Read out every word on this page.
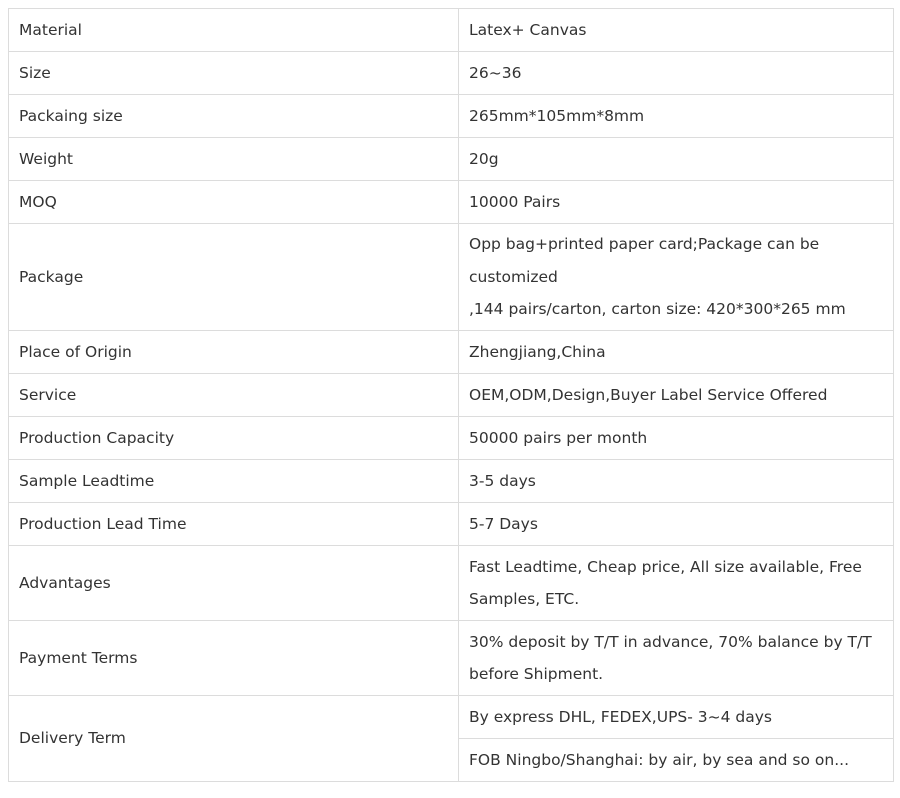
Material	Latex+ Canvas
Size	26~36
Packaing size	265mm*105mm*8mm
Weight	20g
MOQ	10000 Pairs
Package	Opp bag+printed paper card;Package can be
customized
,144 pairs/carton, carton size: 420*300*265 mm

Place of Origin	Zhengjiang,China
Service	OEM,ODM,Design,Buyer Label Service Offered
Production Capacity	50000 pairs per month
Sample Leadtime	3-5 days
Production Lead Time	5-7 Days
Advantages	Fast Leadtime, Cheap price, All size available, Free
Samples, ETC.

Payment Terms	30% deposit by T/T in advance, 70% balance by T/T
before Shipment.

Delivery Term	By express DHL, FEDEX,UPS- 3~4 days
	FOB Ningbo/Shanghai: by air, by sea and so on...
